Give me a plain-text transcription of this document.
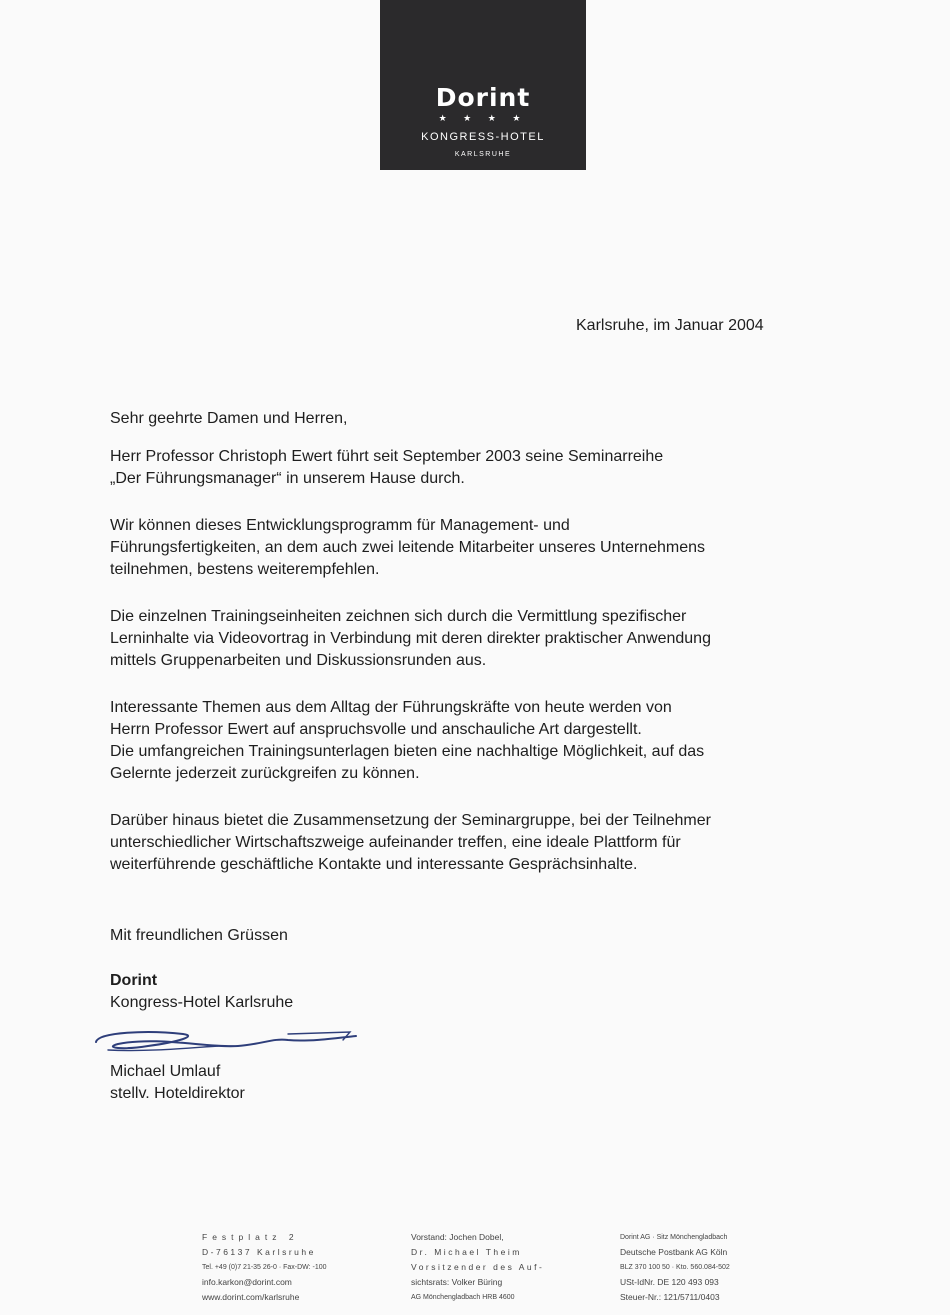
Dorint
★ ★ ★ ★
KONGRESS-HOTEL
KARLSRUHE
Karlsruhe, im Januar 2004

Sehr geehrte Damen und Herren,

Herr Professor Christoph Ewert führt seit September 2003 seine Seminarreihe
„Der Führungsmanager“ in unserem Hause durch.

Wir können dieses Entwicklungsprogramm für Management- und
Führungsfertigkeiten, an dem auch zwei leitende Mitarbeiter unseres Unternehmens
teilnehmen, bestens weiterempfehlen.

Die einzelnen Trainingseinheiten zeichnen sich durch die Vermittlung spezifischer
Lerninhalte via Videovortrag in Verbindung mit deren direkter praktischer Anwendung
mittels Gruppenarbeiten und Diskussionsrunden aus.

Interessante Themen aus dem Alltag der Führungskräfte von heute werden von
Herrn Professor Ewert auf anspruchsvolle und anschauliche Art dargestellt.
Die umfangreichen Trainingsunterlagen bieten eine nachhaltige Möglichkeit, auf das
Gelernte jederzeit zurückgreifen zu können.

Darüber hinaus bietet die Zusammensetzung der Seminargruppe, bei der Teilnehmer
unterschiedlicher Wirtschaftszweige aufeinander treffen, eine ideale Plattform für
weiterführende geschäftliche Kontakte und interessante Gesprächsinhalte.

Mit freundlichen Grüssen
Dorint
Kongress-Hotel Karlsruhe
Michael Umlauf
stellv. Hoteldirektor
Festplatz 2
D-76137 Karlsruhe
Tel. +49 (0)7 21-35 26-0 · Fax-DW: -100
info.karkon@dorint.com
www.dorint.com/karlsruhe
Vorstand: Jochen Dobel,
Dr. Michael Theim
Vorsitzender des Auf-
sichtsrats: Volker Büring
AG Mönchengladbach HRB 4600
Dorint AG · Sitz Mönchengladbach
Deutsche Postbank AG Köln
BLZ 370 100 50 · Kto. 560.084-502
USt-IdNr. DE 120 493 093
Steuer-Nr.: 121/5711/0403
